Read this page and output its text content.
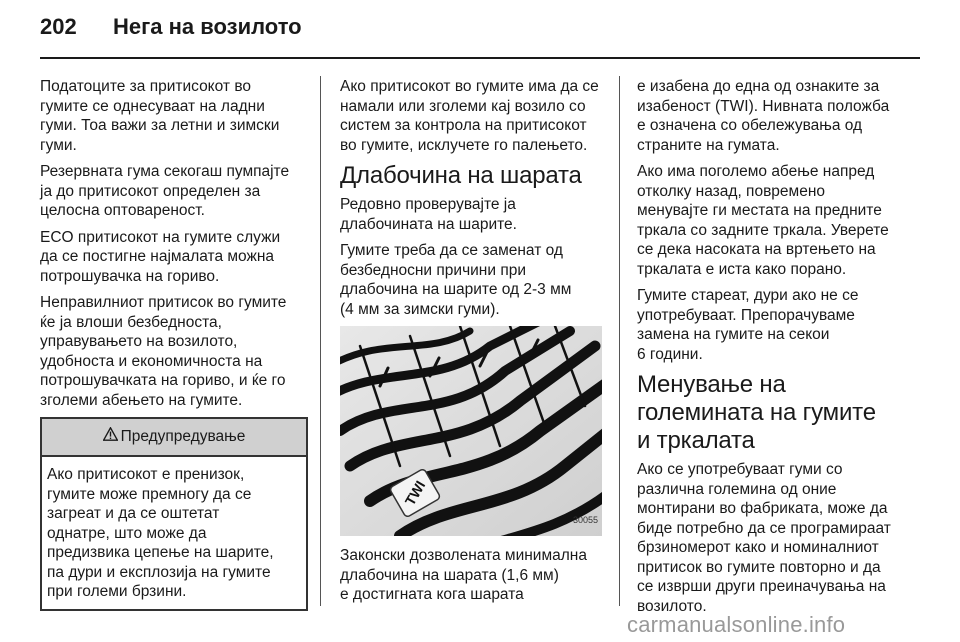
202 Нега на возилото

Податоците за притисокот во
гумите се однесуваат на ладни
гуми. Тоа важи за летни и зимски
гуми.

Резервната гума секогаш пумпајте
ја до притисокот определен за
целосна оптовареност.

ECO притисокот на гумите служи
да се постигне најмалата можна
потрошувачка на гориво.

Неправилниот притисок во гумите
ќе ја влоши безбедноста,
управувањето на возилото,
удобноста и економичноста на
потрошувачката на гориво, и ќе го
зголеми абењето на гумите.

Предупредување
Ако притисокот е пренизок,
гумите може премногу да се
загреат и да се оштетат
однатре, што може да
предизвика цепење на шарите,
па дури и експлозија на гумите
при големи брзини.

Ако притисокот во гумите има да се
намали или зголеми кај возило со
систем за контрола на притисокот
во гумите, исклучете го палењето.

Длабочина на шарата

Редовно проверувајте ја
длабочината на шарите.

Гумите треба да се заменат од
безбедносни причини при
длабочина на шарите од 2-3 мм
(4 мм за зимски гуми).

TWI
30055

Законски дозволената минимална
длабочина на шарата (1,6 мм)
е достигната кога шарата

е изабена до една од ознаките за
изабеност (TWI). Нивната положба
е означена со обележувања од
страните на гумата.

Ако има поголемо абење напред
отколку назад, повремено
менувајте ги местата на предните
тркала со задните тркала. Уверете
се дека насоката на вртењето на
тркалата е иста како порано.

Гумите стареат, дури ако не се
употребуваат. Препорачуваме
замена на гумите на секои
6 години.

Менување на
големината на гумите
и тркалата

Ако се употребуваат гуми со
различна големина од оние
монтирани во фабриката, може да
биде потребно да се програмираат
брзиномерот како и номиналниот
притисок во гумите повторно и да
се изврши други преиначувања на
возилото.

carmanualsonline.info
